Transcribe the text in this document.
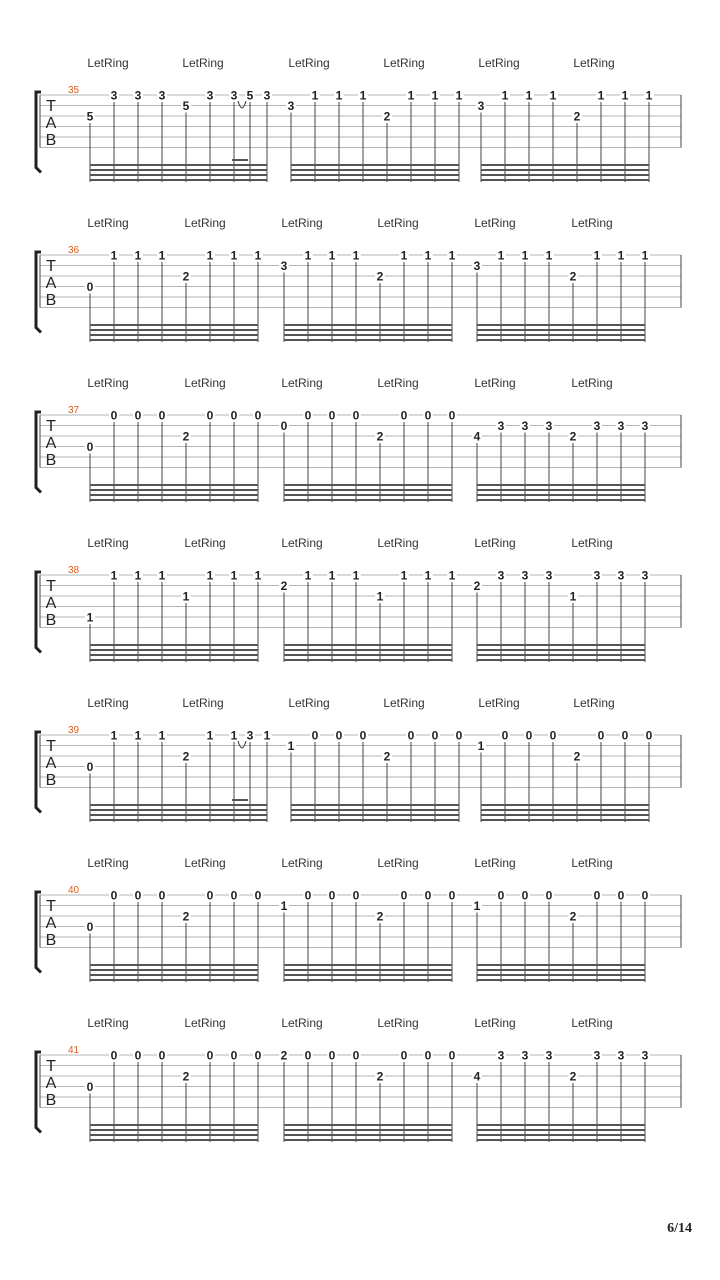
LetRing	LetRing	LetRing	LetRing	LetRing	LetRing
35
T
A
B
5
3 3 3
5
3 3 5 3
3
1 1 1
2
1 1 1
3
1 1 1
2
1 1 1
LetRing	LetRing	LetRing	LetRing	LetRing	LetRing
36
T
A
B
0
1 1 1
2
1 1 1
3
1 1 1
2
1 1 1
3
1 1 1
2
1 1 1
LetRing	LetRing	LetRing	LetRing	LetRing	LetRing
37
T
A
B
0
0 0 0
2
0 0 0
0
0 0 0
2
0 0 0
4
3 3 3
2
3 3 3
LetRing	LetRing	LetRing	LetRing	LetRing	LetRing
38
T
A
B	1
1 1 1
1
1 1 1
2
1 1 1
1
1 1 1
2
3 3 3
1
3 3 3
LetRing	LetRing	LetRing	LetRing	LetRing	LetRing
39
T
A
B
0
1 1 1
2
1 1 3 1
1
0 0 0
2
0 0 0
1
0 0 0
2
0 0 0
LetRing	LetRing	LetRing	LetRing	LetRing	LetRing
40
T
A
B
0
0 0 0
2
0 0 0
1
0 0 0
2
0 0 0
1
0 0 0
2
0 0 0
LetRing	LetRing	LetRing	LetRing	LetRing	LetRing
41
T
A
B
0
0 0 0
2
0 0 0 2 0 0 0
2
0 0 0
4
3 3 3
2
3 3 3
6/14
